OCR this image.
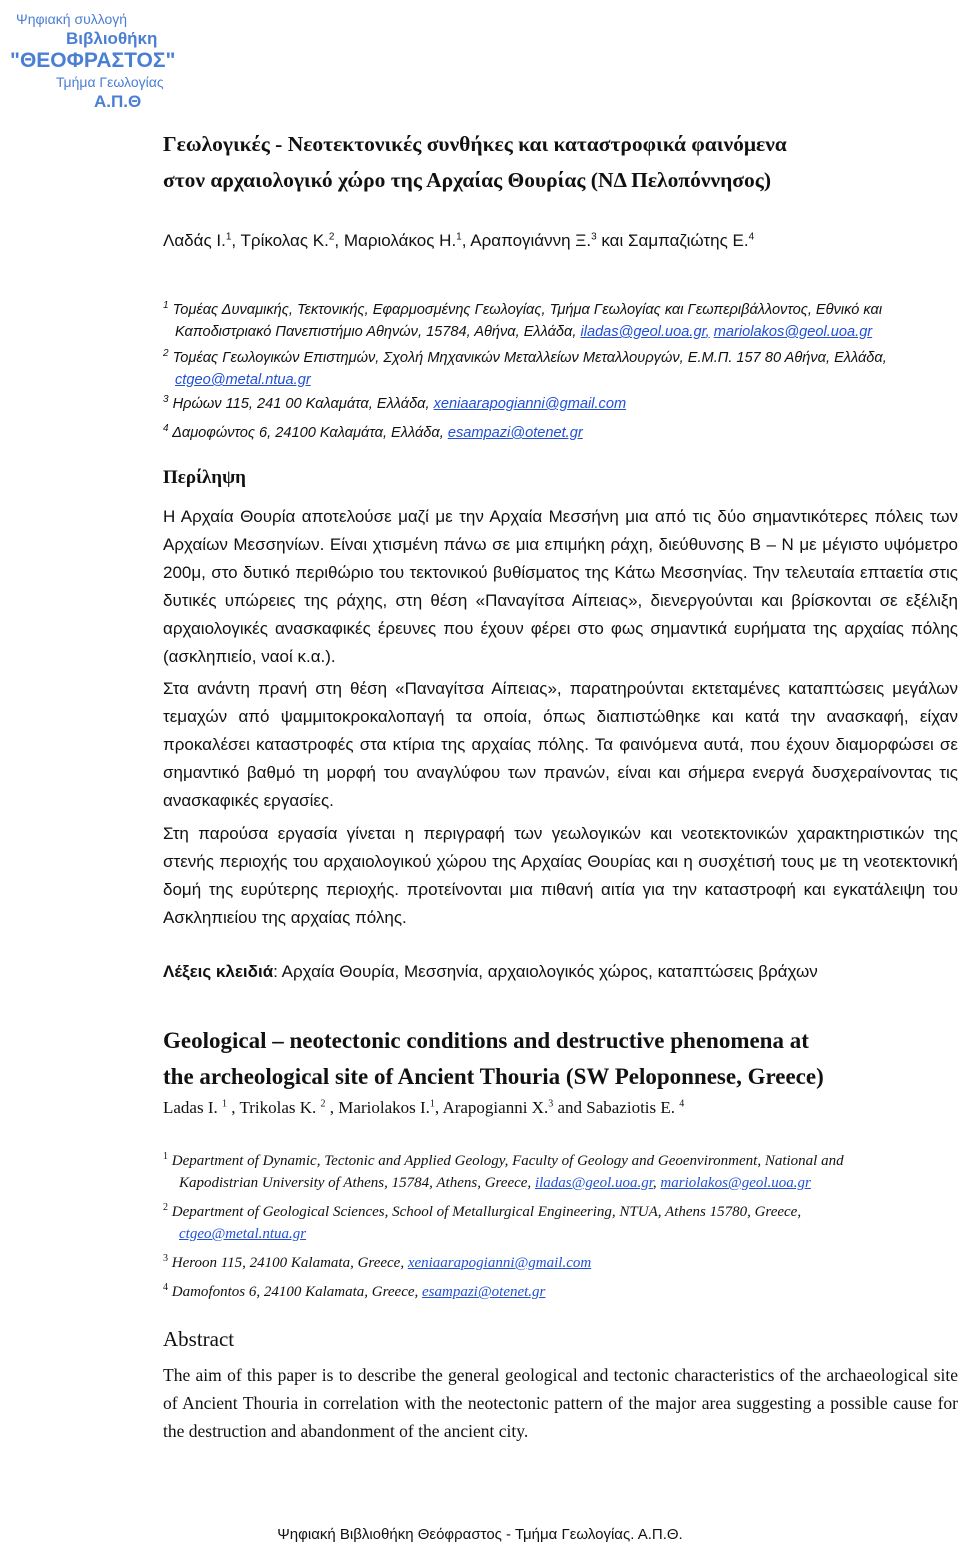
Ψηφιακή συλλογή
Βιβλιοθήκη
"ΘΕΟΦΡΑΣΤΟΣ"
Τμήμα Γεωλογίας
Α.Π.Θ
Γεωλογικές - Νεοτεκτονικές συνθήκες και καταστροφικά φαινόμενα
στον αρχαιολογικό χώρο της Αρχαίας Θουρίας (ΝΔ Πελοπόννησος)
Λαδάς Ι.$^1$, Τρίκολας Κ.$^2$, Μαριολάκος Η.$^1$, Αραπογιάννη Ξ.$^3$ και Σαμπαζιώτης Ε.$^4$
$^1$ Τομέας Δυναμικής, Τεκτονικής, Εφαρμοσμένης Γεωλογίας, Τμήμα Γεωλογίας και Γεωπεριβάλλοντος, Εθνικό και
Καποδιστριακό Πανεπιστήμιο Αθηνών, 15784, Αθήνα, Ελλάδα, iladas@geol.uoa.gr, mariolakos@geol.uoa.gr
$^2$ Τομέας Γεωλογικών Επιστημών, Σχολή Μηχανικών Μεταλλείων Μεταλλουργών, Ε.Μ.Π. 157 80 Αθήνα, Ελλάδα,
ctgeo@metal.ntua.gr
$^3$ Ηρώων 115, 241 00 Καλαμάτα, Ελλάδα, xeniaarapogianni@gmail.com
$^4$ Δαμοφώντος 6, 24100 Καλαμάτα, Ελλάδα, esampazi@otenet.gr
Περίληψη
Η Αρχαία Θουρία αποτελούσε μαζί με την Αρχαία Μεσσήνη μια από τις δύο σημαντικότερες πόλεις των Αρχαίων Μεσσηνίων. Είναι χτισμένη πάνω σε μια επιμήκη ράχη, διεύθυνσης Β – Ν με μέγιστο υψόμετρο 200μ, στο δυτικό περιθώριο του τεκτονικού βυθίσματος της Κάτω Μεσσηνίας. Την τελευταία επταετία στις δυτικές υπώρειες της ράχης, στη θέση «Παναγίτσα Αίπειας», διενεργούνται και βρίσκονται σε εξέλιξη αρχαιολογικές ανασκαφικές έρευνες που έχουν φέρει στο φως σημαντικά ευρήματα της αρχαίας πόλης (ασκληπιείο, ναοί κ.α.).
Στα ανάντη πρανή στη θέση «Παναγίτσα Αίπειας», παρατηρούνται εκτεταμένες καταπτώσεις μεγάλων τεμαχών από ψαμμιτοκροκαλοπαγή τα οποία, όπως διαπιστώθηκε και κατά την ανασκαφή, είχαν προκαλέσει καταστροφές στα κτίρια της αρχαίας πόλης. Τα φαινόμενα αυτά, που έχουν διαμορφώσει σε σημαντικό βαθμό τη μορφή του αναγλύφου των πρανών, είναι και σήμερα ενεργά δυσχεραίνοντας τις ανασκαφικές εργασίες.
Στη παρούσα εργασία γίνεται η περιγραφή των γεωλογικών και νεοτεκτονικών χαρακτηριστικών της στενής περιοχής του αρχαιολογικού χώρου της Αρχαίας Θουρίας και η συσχέτισή τους με τη νεοτεκτονική δομή της ευρύτερης περιοχής. προτείνονται μια πιθανή αιτία για την καταστροφή και εγκατάλειψη του Ασκληπιείου της αρχαίας πόλης.
Λέξεις κλειδιά: Αρχαία Θουρία, Μεσσηνία, αρχαιολογικός χώρος, καταπτώσεις βράχων
Geological – neotectonic conditions and destructive phenomena at
the archeological site of Ancient Thouria (SW Peloponnese, Greece)
Ladas I. $^1$ , Trikolas K. $^2$ , Mariolakos I.$^1$, Arapogianni X.$^3$ and Sabaziotis E. $^4$
$^1$ Department of Dynamic, Tectonic and Applied Geology, Faculty of Geology and Geoenvironment, National and
Kapodistrian University of Athens, 15784, Athens, Greece, iladas@geol.uoa.gr, mariolakos@geol.uoa.gr
$^2$ Department of Geological Sciences, School of Metallurgical Engineering, NTUA, Athens 15780, Greece,
ctgeo@metal.ntua.gr
$^3$ Heroon 115, 24100 Kalamata, Greece, xeniaarapogianni@gmail.com
$^4$ Damofontos 6, 24100 Kalamata, Greece, esampazi@otenet.gr
Abstract
The aim of this paper is to describe the general geological and tectonic characteristics of the archaeological site of Ancient Thouria in correlation with the neotectonic pattern of the major area suggesting a possible cause for the destruction and abandonment of the ancient city.
Ψηφιακή Βιβλιοθήκη Θεόφραστος - Τμήμα Γεωλογίας. Α.Π.Θ.
